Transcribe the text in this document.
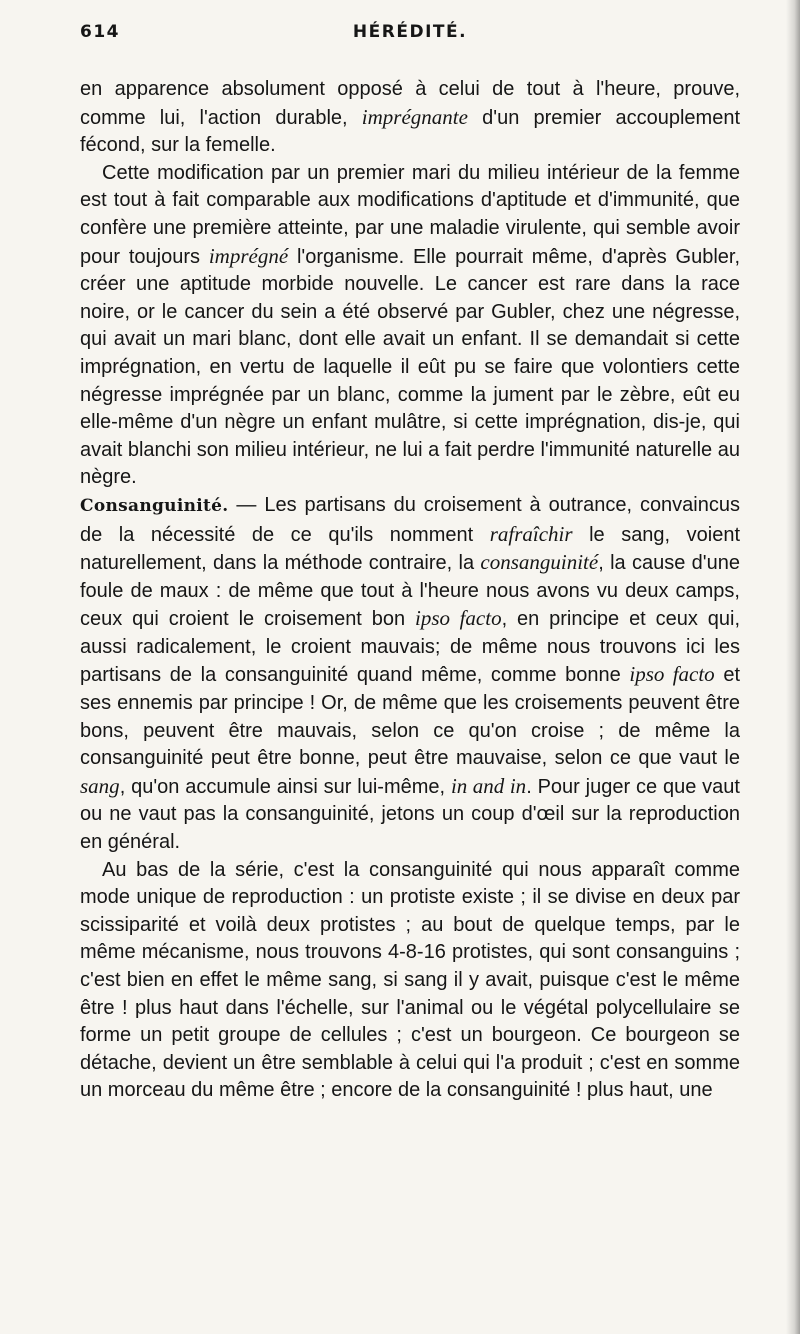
614	HÉRÉDITÉ.

en apparence absolument opposé à celui de tout à l'heure, prouve, comme lui, l'action durable, imprégnante d'un premier accouplement fécond, sur la femelle.

Cette modification par un premier mari du milieu intérieur de la femme est tout à fait comparable aux modifications d'aptitude et d'immunité, que confère une première atteinte, par une maladie virulente, qui semble avoir pour toujours imprégné l'organisme. Elle pourrait même, d'après Gubler, créer une aptitude morbide nouvelle. Le cancer est rare dans la race noire, or le cancer du sein a été observé par Gubler, chez une négresse, qui avait un mari blanc, dont elle avait un enfant. Il se demandait si cette imprégnation, en vertu de laquelle il eût pu se faire que volontiers cette négresse imprégnée par un blanc, comme la jument par le zèbre, eût eu elle-même d'un nègre un enfant mulâtre, si cette imprégnation, dis-je, qui avait blanchi son milieu intérieur, ne lui a fait perdre l'immunité naturelle au nègre.

Consanguinité. — Les partisans du croisement à outrance, convaincus de la nécessité de ce qu'ils nomment rafraîchir le sang, voient naturellement, dans la méthode contraire, la consanguinité, la cause d'une foule de maux : de même que tout à l'heure nous avons vu deux camps, ceux qui croient le croisement bon ipso facto, en principe et ceux qui, aussi radicalement, le croient mauvais; de même nous trouvons ici les partisans de la consanguinité quand même, comme bonne ipso facto et ses ennemis par principe ! Or, de même que les croisements peuvent être bons, peuvent être mauvais, selon ce qu'on croise ; de même la consanguinité peut être bonne, peut être mauvaise, selon ce que vaut le sang, qu'on accumule ainsi sur lui-même, in and in. Pour juger ce que vaut ou ne vaut pas la consanguinité, jetons un coup d'œil sur la reproduction en général.

Au bas de la série, c'est la consanguinité qui nous apparaît comme mode unique de reproduction : un protiste existe ; il se divise en deux par scissiparité et voilà deux protistes ; au bout de quelque temps, par le même mécanisme, nous trouvons 4-8-16 protistes, qui sont consanguins ; c'est bien en effet le même sang, si sang il y avait, puisque c'est le même être ! plus haut dans l'échelle, sur l'animal ou le végétal polycellulaire se forme un petit groupe de cellules ; c'est un bourgeon. Ce bourgeon se détache, devient un être semblable à celui qui l'a produit ; c'est en somme un morceau du même être ; encore de la consanguinité ! plus haut, une
